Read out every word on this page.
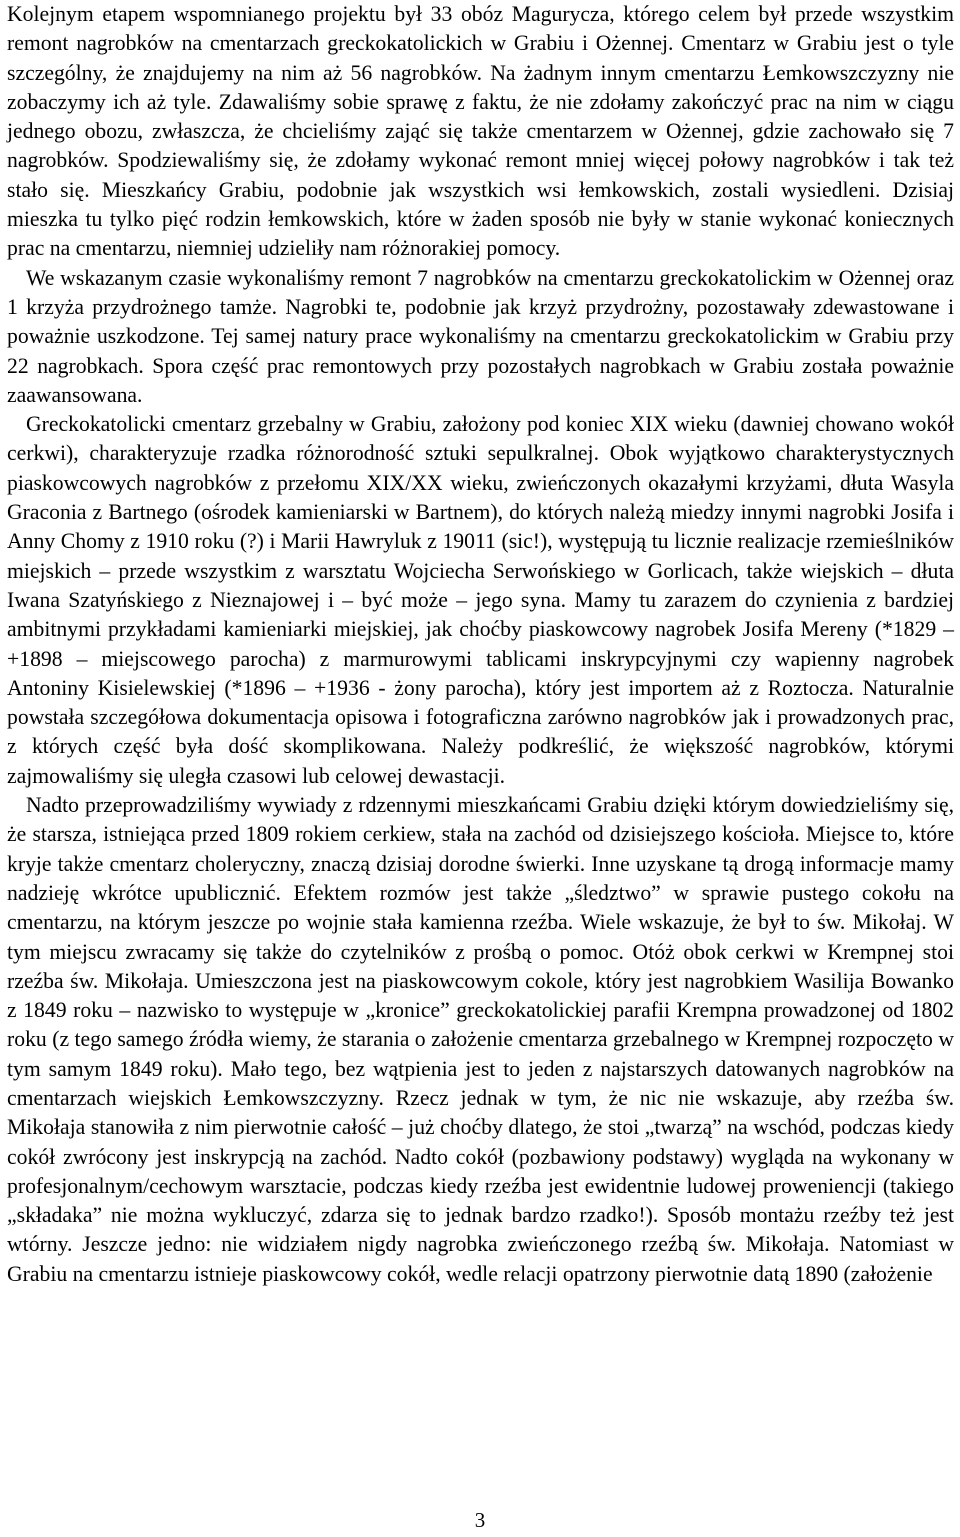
Kolejnym etapem wspomnianego projektu był 33 obóz Magurycza, którego celem był przede wszystkim remont nagrobków na cmentarzach greckokatolickich w Grabiu i Ożennej. Cmentarz w Grabiu jest o tyle szczególny, że znajdujemy na nim aż 56 nagrobków. Na żadnym innym cmentarzu Łemkowszczyzny nie zobaczymy ich aż tyle. Zdawaliśmy sobie sprawę z faktu, że nie zdołamy zakończyć prac na nim w ciągu jednego obozu, zwłaszcza, że chcieliśmy zająć się także cmentarzem w Ożennej, gdzie zachowało się 7 nagrobków. Spodziewaliśmy się, że zdołamy wykonać remont mniej więcej połowy nagrobków i tak też stało się. Mieszkańcy Grabiu, podobnie jak wszystkich wsi łemkowskich, zostali wysiedleni. Dzisiaj mieszka tu tylko pięć rodzin łemkowskich, które w żaden sposób nie były w stanie wykonać koniecznych prac na cmentarzu, niemniej udzieliły nam różnorakiej pomocy.

We wskazanym czasie wykonaliśmy remont 7 nagrobków na cmentarzu greckokatolickim w Ożennej oraz 1 krzyża przydrożnego tamże. Nagrobki te, podobnie jak krzyż przydrożny, pozostawały zdewastowane i poważnie uszkodzone. Tej samej natury prace wykonaliśmy na cmentarzu greckokatolickim w Grabiu przy 22 nagrobkach. Spora część prac remontowych przy pozostałych nagrobkach w Grabiu została poważnie zaawansowana.

Greckokatolicki cmentarz grzebalny w Grabiu, założony pod koniec XIX wieku (dawniej chowano wokół cerkwi), charakteryzuje rzadka różnorodność sztuki sepulkralnej. Obok wyjątkowo charakterystycznych piaskowcowych nagrobków z przełomu XIX/XX wieku, zwieńczonych okazałymi krzyżami, dłuta Wasyla Graconia z Bartnego (ośrodek kamieniarski w Bartnem), do których należą miedzy innymi nagrobki Josifa i Anny Chomy z 1910 roku (?) i Marii Hawryluk z 19011 (sic!), występują tu licznie realizacje rzemieślników miejskich – przede wszystkim z warsztatu Wojciecha Serwońskiego w Gorlicach, także wiejskich – dłuta Iwana Szatyńskiego z Nieznajowej i – być może – jego syna. Mamy tu zarazem do czynienia z bardziej ambitnymi przykładami kamieniarki miejskiej, jak choćby piaskowcowy nagrobek Josifa Mereny (*1829 – +1898 – miejscowego parocha) z marmurowymi tablicami inskrypcyjnymi czy wapienny nagrobek Antoniny Kisielewskiej (*1896 – +1936 - żony parocha), który jest importem aż z Roztocza. Naturalnie powstała szczegółowa dokumentacja opisowa i fotograficzna zarówno nagrobków jak i prowadzonych prac, z których część była dość skomplikowana. Należy podkreślić, że większość nagrobków, którymi zajmowaliśmy się uległa czasowi lub celowej dewastacji.

Nadto przeprowadziliśmy wywiady z rdzennymi mieszkańcami Grabiu dzięki którym dowiedzieliśmy się, że starsza, istniejąca przed 1809 rokiem cerkiew, stała na zachód od dzisiejszego kościoła. Miejsce to, które kryje także cmentarz choleryczny, znaczą dzisiaj dorodne świerki. Inne uzyskane tą drogą informacje mamy nadzieję wkrótce upublicznić. Efektem rozmów jest także „śledztwo” w sprawie pustego cokołu na cmentarzu, na którym jeszcze po wojnie stała kamienna rzeźba. Wiele wskazuje, że był to św. Mikołaj. W tym miejscu zwracamy się także do czytelników z prośbą o pomoc. Otóż obok cerkwi w Krempnej stoi rzeźba św. Mikołaja. Umieszczona jest na piaskowcowym cokole, który jest nagrobkiem Wasilija Bowanko z 1849 roku – nazwisko to występuje w „kronice” greckokatolickiej parafii Krempna prowadzonej od 1802 roku (z tego samego źródła wiemy, że starania o założenie cmentarza grzebalnego w Krempnej rozpoczęto w tym samym 1849 roku). Mało tego, bez wątpienia jest to jeden z najstarszych datowanych nagrobków na cmentarzach wiejskich Łemkowszczyzny. Rzecz jednak w tym, że nic nie wskazuje, aby rzeźba św. Mikołaja stanowiła z nim pierwotnie całość – już choćby dlatego, że stoi „twarzą” na wschód, podczas kiedy cokół zwrócony jest inskrypcją na zachód. Nadto cokół (pozbawiony podstawy) wygląda na wykonany w profesjonalnym/cechowym warsztacie, podczas kiedy rzeźba jest ewidentnie ludowej proweniencji (takiego „składaka” nie można wykluczyć, zdarza się to jednak bardzo rzadko!). Sposób montażu rzeźby też jest wtórny. Jeszcze jedno: nie widziałem nigdy nagrobka zwieńczonego rzeźbą św. Mikołaja. Natomiast w Grabiu na cmentarzu istnieje piaskowcowy cokół, wedle relacji opatrzony pierwotnie datą 1890 (założenie

3
